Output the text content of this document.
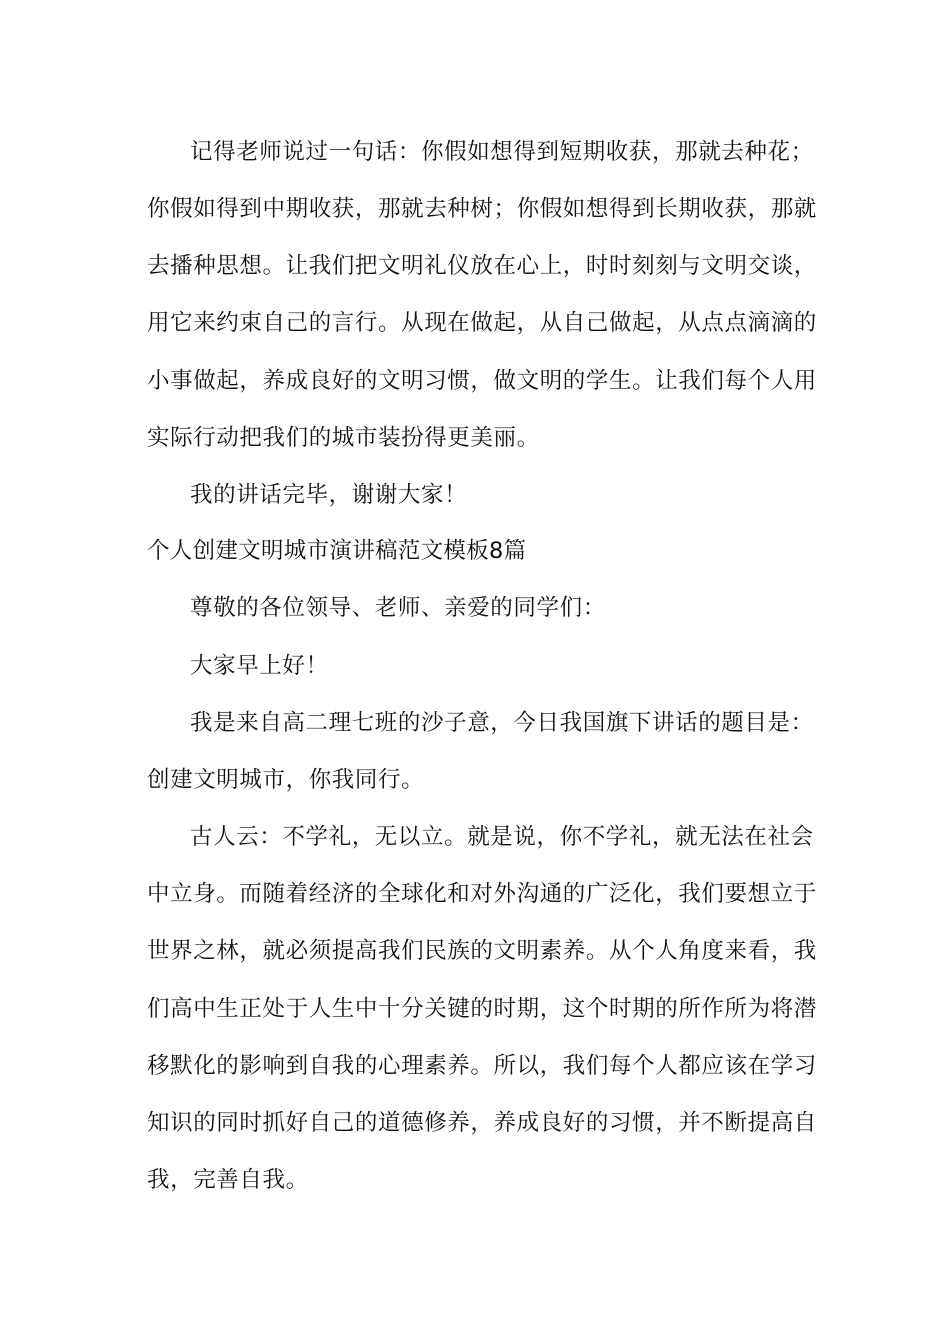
记得老师说过一句话：你假如想得到短期收获，那就去种花；
你假如得到中期收获，那就去种树；你假如想得到长期收获，那就
去播种思想。让我们把文明礼仪放在心上，时时刻刻与文明交谈，
用它来约束自己的言行。从现在做起，从自己做起，从点点滴滴的
小事做起，养成良好的文明习惯，做文明的学生。让我们每个人用
实际行动把我们的城市装扮得更美丽。
我的讲话完毕，谢谢大家！
个人创建文明城市演讲稿范文模板8篇
尊敬的各位领导、老师、亲爱的同学们：
大家早上好！
我是来自高二理七班的沙子意，今日我国旗下讲话的题目是：
创建文明城市，你我同行。
古人云：不学礼，无以立。就是说，你不学礼，就无法在社会
中立身。而随着经济的全球化和对外沟通的广泛化，我们要想立于
世界之林，就必须提高我们民族的文明素养。从个人角度来看，我
们高中生正处于人生中十分关键的时期，这个时期的所作所为将潜
移默化的影响到自我的心理素养。所以，我们每个人都应该在学习
知识的同时抓好自己的道德修养，养成良好的习惯，并不断提高自
我，完善自我。
